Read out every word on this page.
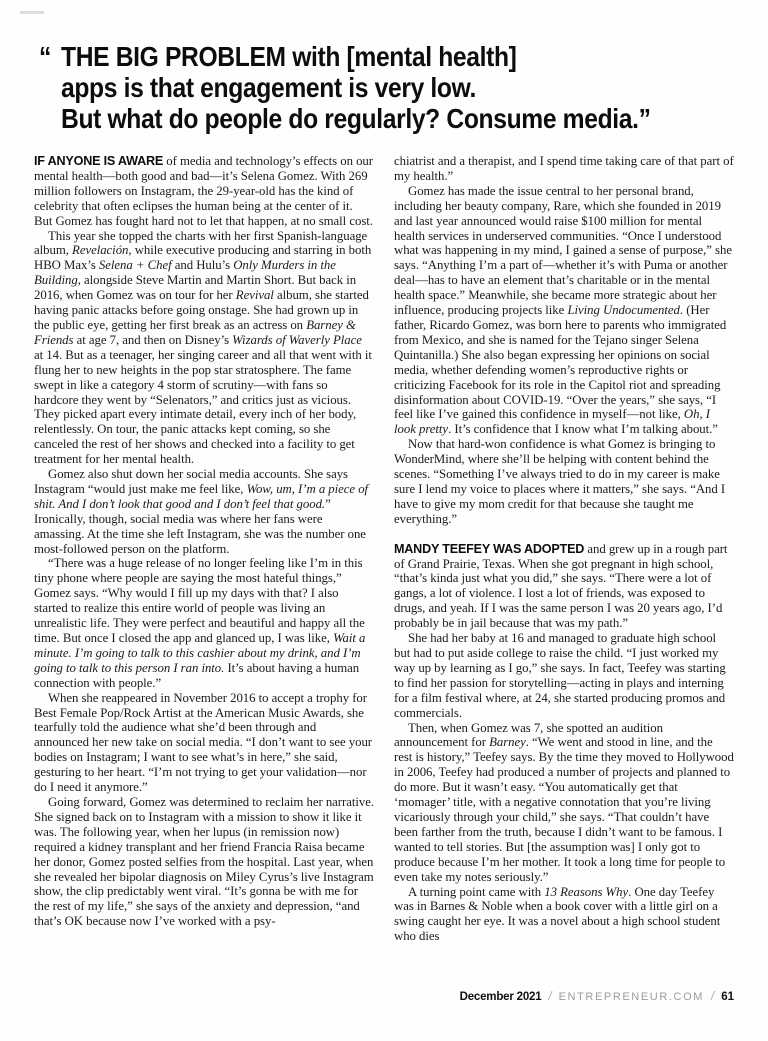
“ THE BIG PROBLEM with [mental health]
apps is that engagement is very low.
But what do people do regularly? Consume media.”

IF ANYONE IS AWARE of media and technology’s effects on our mental health—both good and bad—it’s Selena Gomez. With 269 million followers on Instagram, the 29-year-old has the kind of celebrity that often eclipses the human being at the center of it. But Gomez has fought hard not to let that happen, at no small cost.

This year she topped the charts with her first Spanish-language album, Revelación, while executive producing and starring in both HBO Max’s Selena + Chef and Hulu’s Only Murders in the Building, alongside Steve Martin and Martin Short. But back in 2016, when Gomez was on tour for her Revival album, she started having panic attacks before going onstage. She had grown up in the public eye, getting her first break as an actress on Barney & Friends at age 7, and then on Disney’s Wizards of Waverly Place at 14. But as a teenager, her singing career and all that went with it flung her to new heights in the pop star stratosphere. The fame swept in like a category 4 storm of scrutiny—with fans so hardcore they went by “Selenators,” and critics just as vicious. They picked apart every intimate detail, every inch of her body, relentlessly. On tour, the panic attacks kept coming, so she canceled the rest of her shows and checked into a facility to get treatment for her mental health.

Gomez also shut down her social media accounts. She says Instagram “would just make me feel like, Wow, um, I’m a piece of shit. And I don’t look that good and I don’t feel that good.” Ironically, though, social media was where her fans were amassing. At the time she left Instagram, she was the number one most-followed person on the platform.

“There was a huge release of no longer feeling like I’m in this tiny phone where people are saying the most hateful things,” Gomez says. “Why would I fill up my days with that? I also started to realize this entire world of people was living an unrealistic life. They were perfect and beautiful and happy all the time. But once I closed the app and glanced up, I was like, Wait a minute. I’m going to talk to this cashier about my drink, and I’m going to talk to this person I ran into. It’s about having a human connection with people.”

When she reappeared in November 2016 to accept a trophy for Best Female Pop/Rock Artist at the American Music Awards, she tearfully told the audience what she’d been through and announced her new take on social media. “I don’t want to see your bodies on Instagram; I want to see what’s in here,” she said, gesturing to her heart. “I’m not trying to get your validation—nor do I need it anymore.”

Going forward, Gomez was determined to reclaim her narrative. She signed back on to Instagram with a mission to show it like it was. The following year, when her lupus (in remission now) required a kidney transplant and her friend Francia Raisa became her donor, Gomez posted selfies from the hospital. Last year, when she revealed her bipolar diagnosis on Miley Cyrus’s live Instagram show, the clip predictably went viral. “It’s gonna be with me for the rest of my life,” she says of the anxiety and depression, “and that’s OK because now I’ve worked with a psy-

chiatrist and a therapist, and I spend time taking care of that part of my health.”

Gomez has made the issue central to her personal brand, including her beauty company, Rare, which she founded in 2019 and last year announced would raise $100 million for mental health services in underserved communities. “Once I understood what was happening in my mind, I gained a sense of purpose,” she says. “Anything I’m a part of—whether it’s with Puma or another deal—has to have an element that’s charitable or in the mental health space.” Meanwhile, she became more strategic about her influence, producing projects like Living Undocumented. (Her father, Ricardo Gomez, was born here to parents who immigrated from Mexico, and she is named for the Tejano singer Selena Quintanilla.) She also began expressing her opinions on social media, whether defending women’s reproductive rights or criticizing Facebook for its role in the Capitol riot and spreading disinformation about COVID-19. “Over the years,” she says, “I feel like I’ve gained this confidence in myself—not like, Oh, I look pretty. It’s confidence that I know what I’m talking about.”

Now that hard-won confidence is what Gomez is bringing to WonderMind, where she’ll be helping with content behind the scenes. “Something I’ve always tried to do in my career is make sure I lend my voice to places where it matters,” she says. “And I have to give my mom credit for that because she taught me everything.”

MANDY TEEFEY WAS ADOPTED and grew up in a rough part of Grand Prairie, Texas. When she got pregnant in high school, “that’s kinda just what you did,” she says. “There were a lot of gangs, a lot of violence. I lost a lot of friends, was exposed to drugs, and yeah. If I was the same person I was 20 years ago, I’d probably be in jail because that was my path.”

She had her baby at 16 and managed to graduate high school but had to put aside college to raise the child. “I just worked my way up by learning as I go,” she says. In fact, Teefey was starting to find her passion for storytelling—acting in plays and interning for a film festival where, at 24, she started producing promos and commercials.

Then, when Gomez was 7, she spotted an audition announcement for Barney. “We went and stood in line, and the rest is history,” Teefey says. By the time they moved to Hollywood in 2006, Teefey had produced a number of projects and planned to do more. But it wasn’t easy. “You automatically get that ‘momager’ title, with a negative connotation that you’re living vicariously through your child,” she says. “That couldn’t have been farther from the truth, because I didn’t want to be famous. I wanted to tell stories. But [the assumption was] I only got to produce because I’m her mother. It took a long time for people to even take my notes seriously.”

A turning point came with 13 Reasons Why. One day Teefey was in Barnes & Noble when a book cover with a little girl on a swing caught her eye. It was a novel about a high school student who dies

December 2021 / ENTREPRENEUR.COM / 61
